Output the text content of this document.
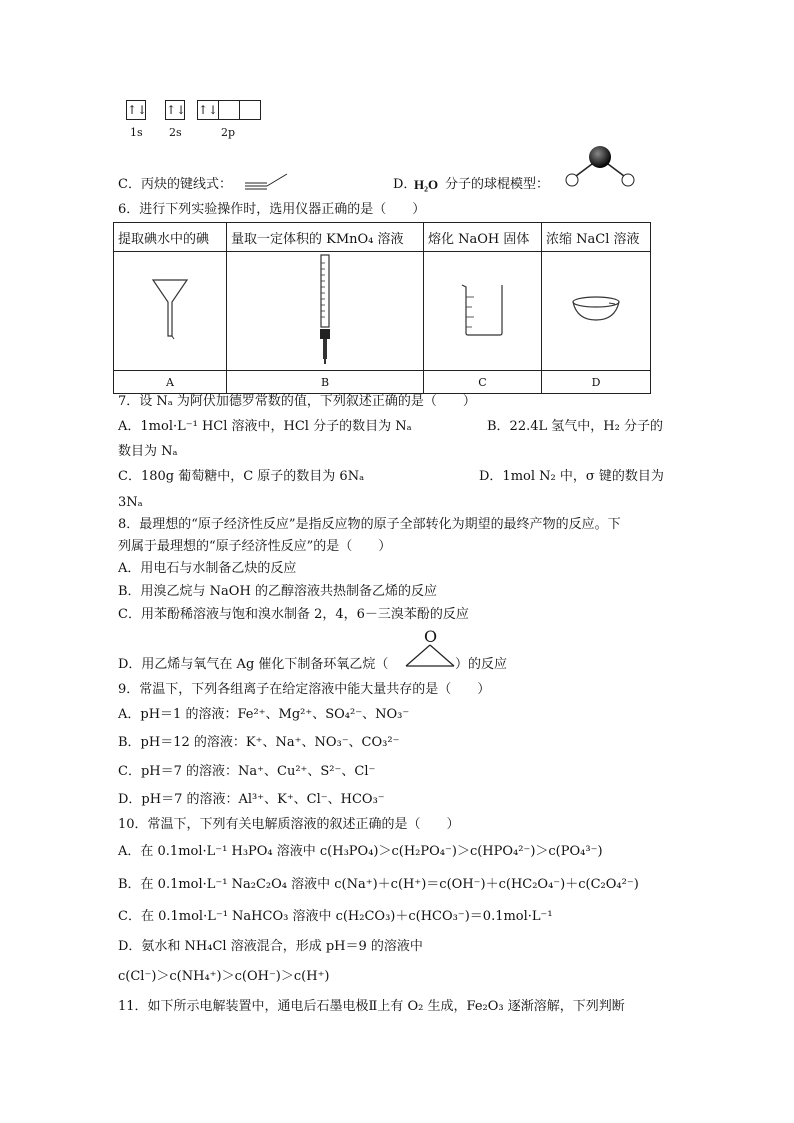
↑↓ ↑↓ ↑↓
1s 2s	2p
C．丙炔的键线式：	D．
H₂O 分子的球棍模型：
6．进行下列实验操作时，选用仪器正确的是（　　）
提取碘水中的碘	量取一定体积的 KMnO₄ 溶液	熔化 NaOH 固体	浓缩 NaCl 溶液

A	B	C	D
7．设 Nₐ 为阿伏加德罗常数的值，下列叙述正确的是（　　）
A．1mol·L⁻¹ HCl 溶液中，HCl 分子的数目为 Nₐ	B．22.4L 氢气中，H₂ 分子的
数目为 Nₐ
C．180g 葡萄糖中，C 原子的数目为 6Nₐ	D．1mol N₂ 中，σ 键的数目为
3Nₐ
8．最理想的“原子经济性反应”是指反应物的原子全部转化为期望的最终产物的反应。下
列属于最理想的“原子经济性反应”的是（　　）
A．用电石与水制备乙炔的反应
B．用溴乙烷与 NaOH 的乙醇溶液共热制备乙烯的反应
C．用苯酚稀溶液与饱和溴水制备 2，4，6－三溴苯酚的反应
D．用乙烯与氧气在 Ag 催化下制备环氧乙烷（
O
）的反应
9．常温下，下列各组离子在给定溶液中能大量共存的是（　　）
A．pH＝1 的溶液：Fe²⁺、Mg²⁺、SO₄²⁻、NO₃⁻
B．pH＝12 的溶液：K⁺、Na⁺、NO₃⁻、CO₃²⁻
C．pH＝7 的溶液：Na⁺、Cu²⁺、S²⁻、Cl⁻
D．pH＝7 的溶液：Al³⁺、K⁺、Cl⁻、HCO₃⁻
10．常温下，下列有关电解质溶液的叙述正确的是（　　）
A．在 0.1mol·L⁻¹ H₃PO₄ 溶液中 c(H₃PO₄)＞c(H₂PO₄⁻)＞c(HPO₄²⁻)＞c(PO₄³⁻)
B．在 0.1mol·L⁻¹ Na₂C₂O₄ 溶液中 c(Na⁺)＋c(H⁺)＝c(OH⁻)＋c(HC₂O₄⁻)＋c(C₂O₄²⁻)
C．在 0.1mol·L⁻¹ NaHCO₃ 溶液中 c(H₂CO₃)＋c(HCO₃⁻)＝0.1mol·L⁻¹
D．氨水和 NH₄Cl 溶液混合，形成 pH＝9 的溶液中
c(Cl⁻)＞c(NH₄⁺)＞c(OH⁻)＞c(H⁺)
11．如下所示电解装置中，通电后石墨电极Ⅱ上有 O₂ 生成，Fe₂O₃ 逐渐溶解，下列判断
